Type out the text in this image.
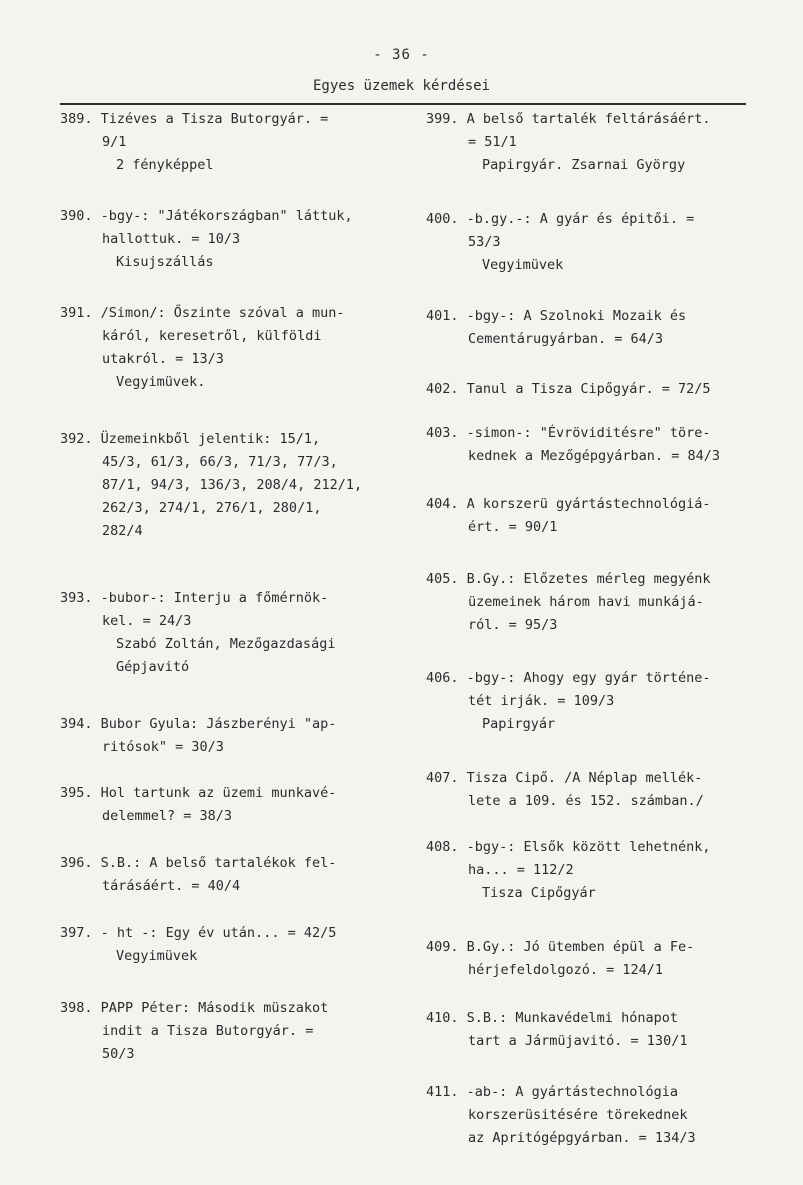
- 36 -
Egyes üzemek kérdései
389. Tizéves a Tisza Butorgyár. =
9/1
2 fényképpel
390. -bgy-: "Játékországban" láttuk,
hallottuk. = 10/3
Kisujszállás
391. /Simon/: Őszinte szóval a mun-
káról, keresetről, külföldi
utakról. = 13/3
Vegyimüvek.
392. Üzemeinkből jelentik: 15/1,
45/3, 61/3, 66/3, 71/3, 77/3,
87/1, 94/3, 136/3, 208/4, 212/1,
262/3, 274/1, 276/1, 280/1,
282/4
393. -bubor-: Interju a főmérnök-
kel. = 24/3
Szabó Zoltán, Mezőgazdasági
Gépjavitó
394. Bubor Gyula: Jászberényi "ap-
ritósok" = 30/3
395. Hol tartunk az üzemi munkavé-
delemmel? = 38/3
396. S.B.: A belső tartalékok fel-
tárásáért. = 40/4
397. - ht -: Egy év után... = 42/5
Vegyimüvek
398. PAPP Péter: Második müszakot
indit a Tisza Butorgyár. =
50/3
399. A belső tartalék feltárásáért.
= 51/1
Papirgyár. Zsarnai György
400. -b.gy.-: A gyár és épitői. =
53/3
Vegyimüvek
401. -bgy-: A Szolnoki Mozaik és
Cementárugyárban. = 64/3
402. Tanul a Tisza Cipőgyár. = 72/5
403. -simon-: "Évröviditésre" töre-
kednek a Mezőgépgyárban. = 84/3
404. A korszerü gyártástechnológiá-
ért. = 90/1
405. B.Gy.: Előzetes mérleg megyénk
üzemeinek három havi munkájá-
ról. = 95/3
406. -bgy-: Ahogy egy gyár történe-
tét irják. = 109/3
Papirgyár
407. Tisza Cipő. /A Néplap mellék-
lete a 109. és 152. számban./
408. -bgy-: Elsők között lehetnénk,
ha... = 112/2
Tisza Cipőgyár
409. B.Gy.: Jó ütemben épül a Fe-
hérjefeldolgozó. = 124/1
410. S.B.: Munkavédelmi hónapot
tart a Jármüjavitó. = 130/1
411. -ab-: A gyártástechnológia
korszerüsitésére törekednek
az Apritógépgyárban. = 134/3
